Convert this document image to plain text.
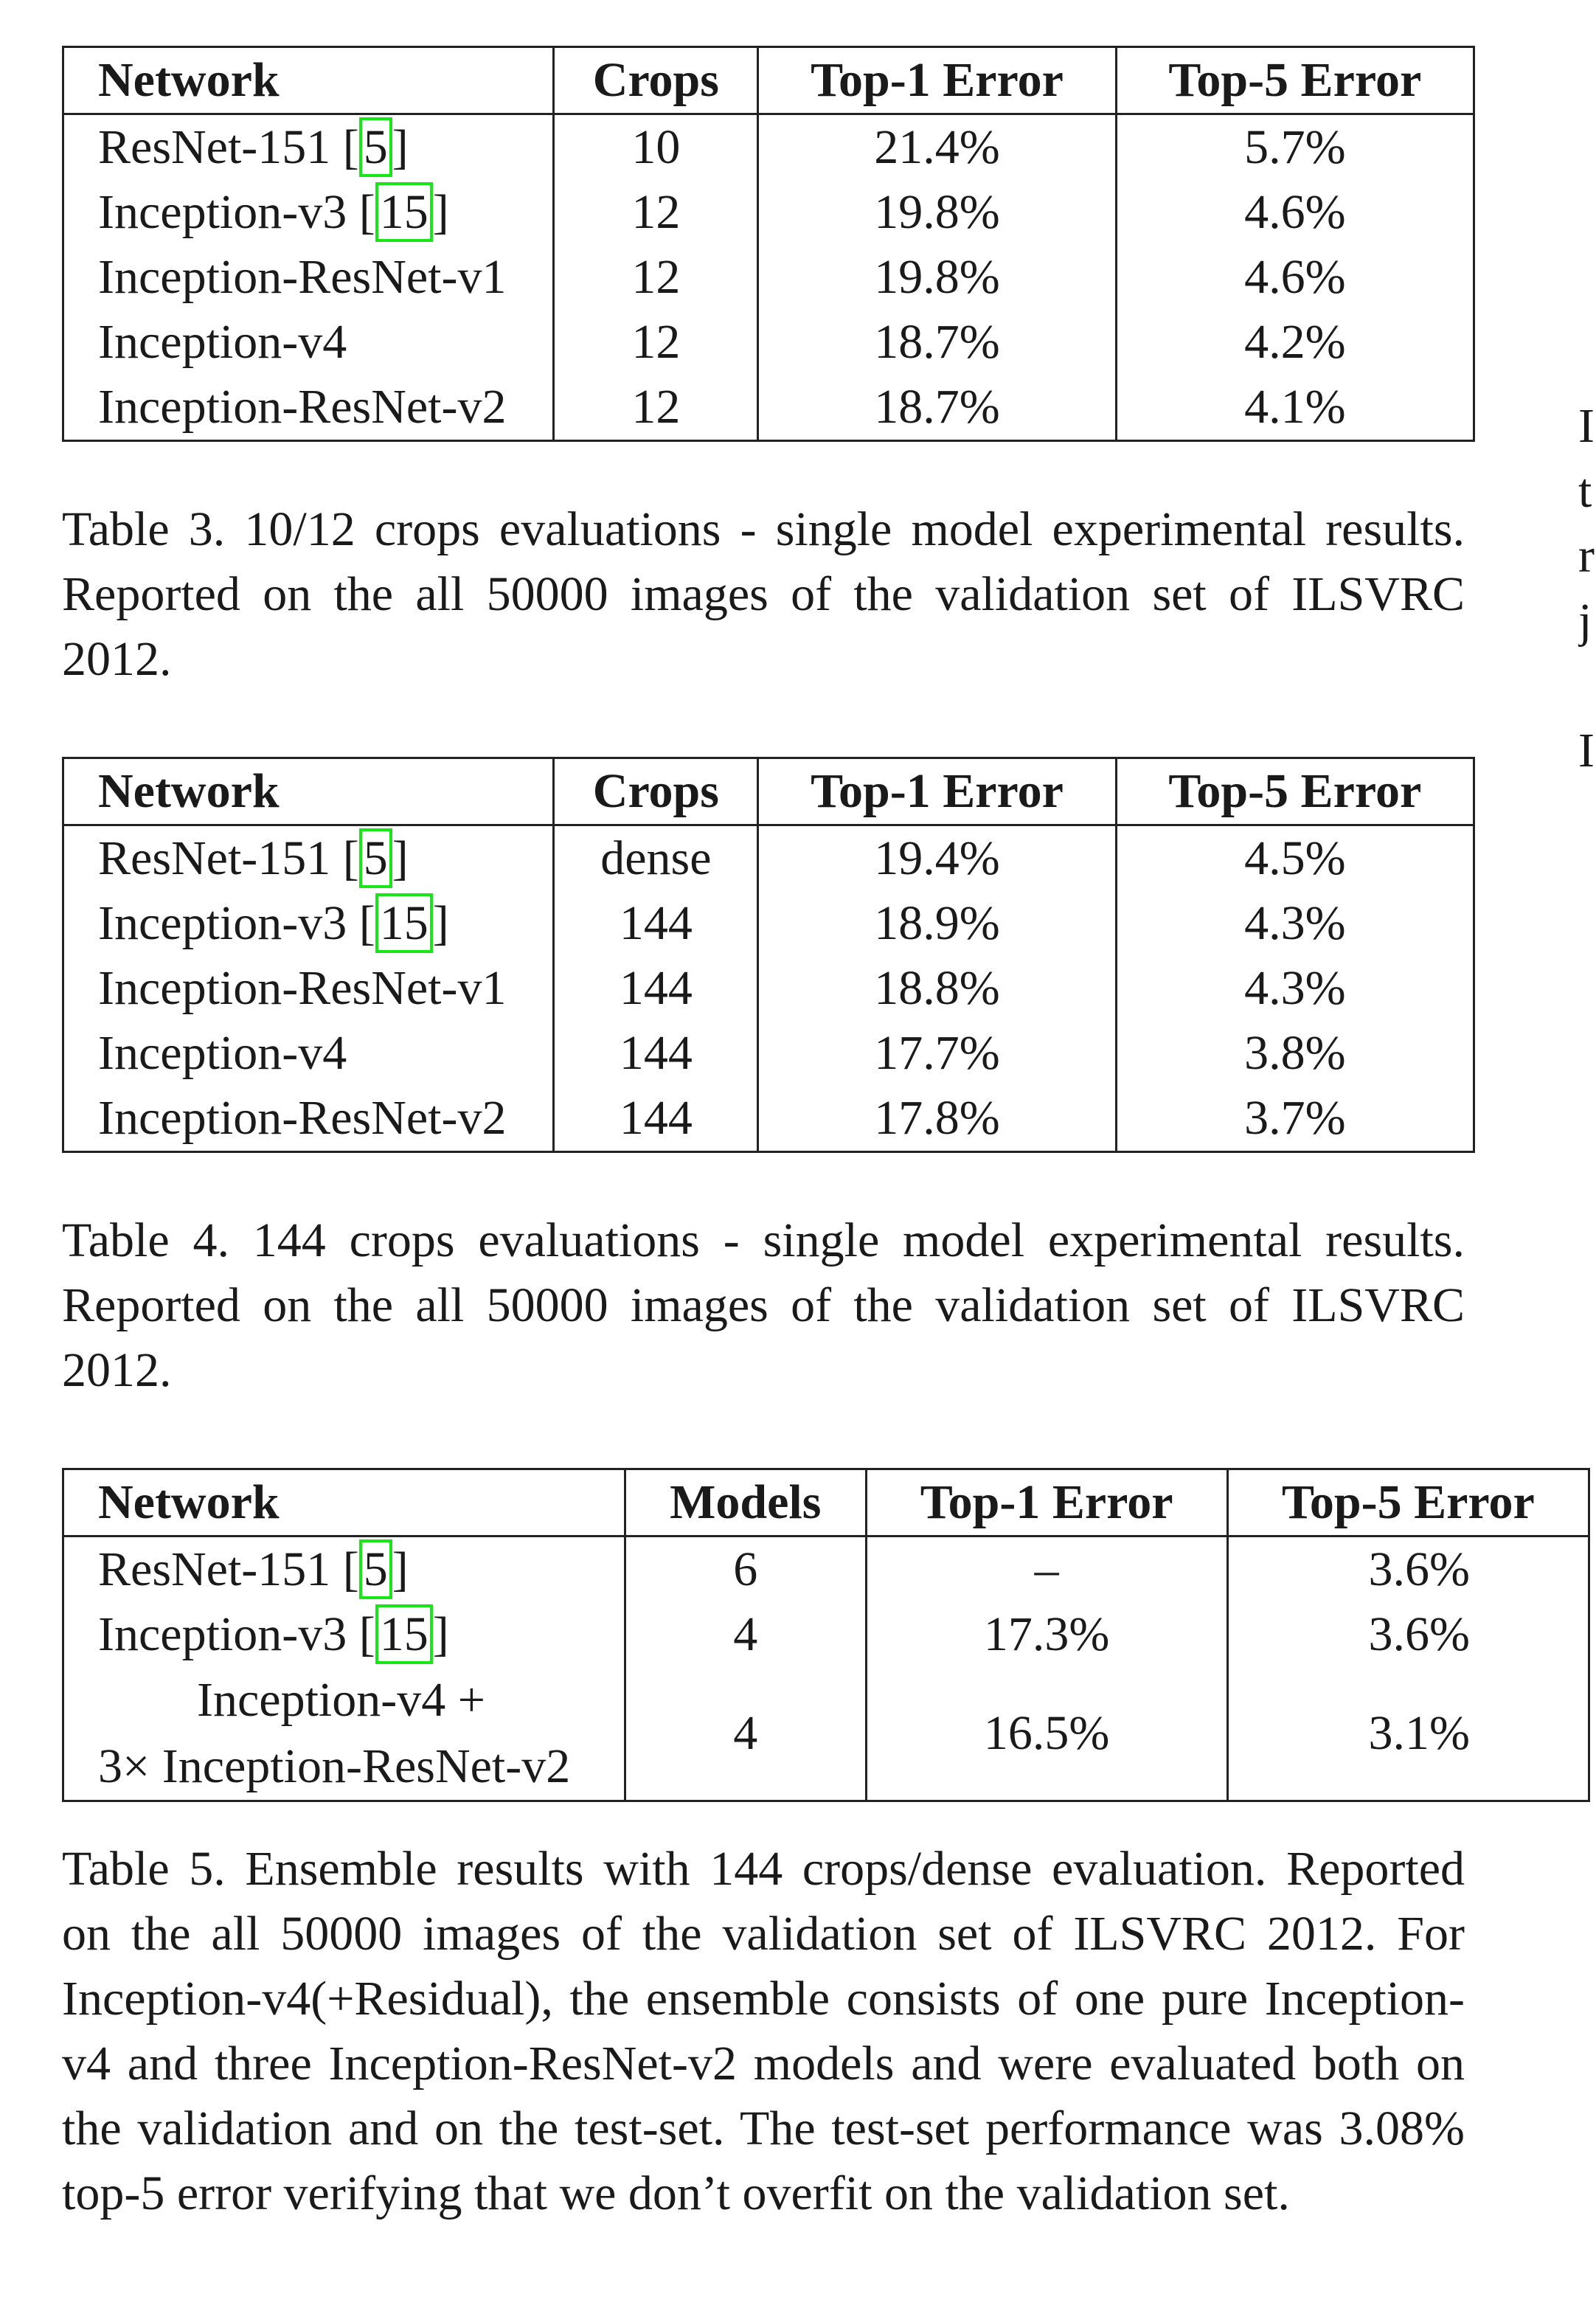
Network	Crops	Top-1 Error	Top-5 Error
ResNet-151 [5]	10	21.4%	5.7%
Inception-v3 [15]	12	19.8%	4.6%
Inception-ResNet-v1	12	19.8%	4.6%
Inception-v4	12	18.7%	4.2%
Inception-ResNet-v2	12	18.7%	4.1%

Table 3. 10/12 crops evaluations - single model experimental results. Reported on the all 50000 images of the validation set of ILSVRC 2012.

Network	Crops	Top-1 Error	Top-5 Error
ResNet-151 [5]	dense	19.4%	4.5%
Inception-v3 [15]	144	18.9%	4.3%
Inception-ResNet-v1	144	18.8%	4.3%
Inception-v4	144	17.7%	3.8%
Inception-ResNet-v2	144	17.8%	3.7%

Table 4. 144 crops evaluations - single model experimental results. Reported on the all 50000 images of the validation set of ILSVRC 2012.

Network	Models	Top-1 Error	Top-5 Error
ResNet-151 [5]	6	–	3.6%
Inception-v3 [15]	4	17.3%	3.6%

Inception-v4 +
3× Inception-ResNet-v2	4	16.5%	3.1%

Table 5. Ensemble results with 144 crops/dense evaluation. Reported on the all 50000 images of the validation set of ILSVRC 2012. For Inception-v4(+Residual), the ensemble consists of one pure Inception-v4 and three Inception-ResNet-v2 models and were evaluated both on the validation and on the test-set. The test-set performance was 3.08% top-5 error verifying that we don’t overfit on the validation set.

I
t
r
j
I
